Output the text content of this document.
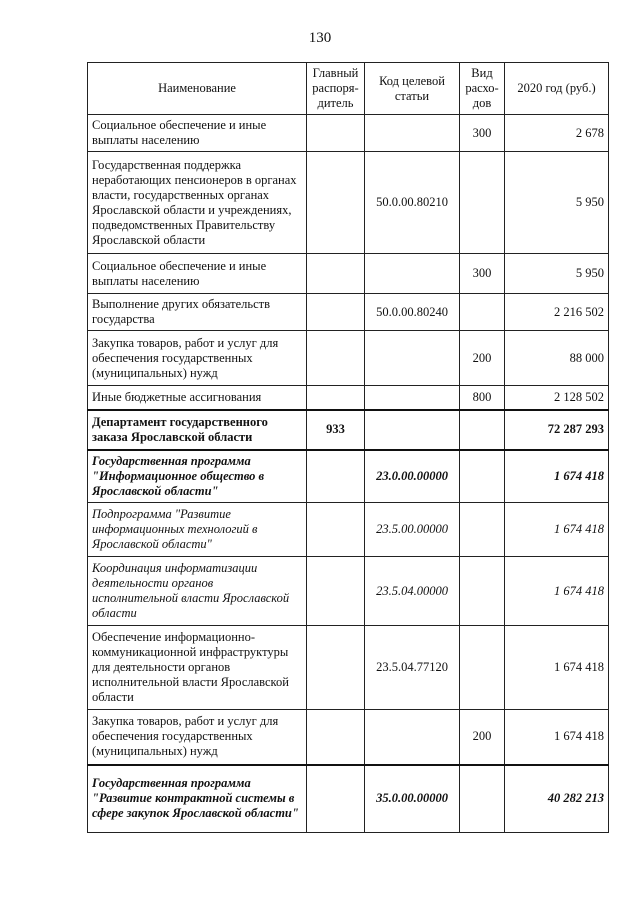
130
Наименование	Главный распоря-дитель	Код целевой статьи	Вид расхо-дов	2020 год (руб.)
Социальное обеспечение и иные выплаты населению			300	2 678
Государственная поддержка неработающих пенсионеров в органах власти, государственных органах Ярославской области и учреждениях, подведомственных Правительству Ярославской области		50.0.00.80210		5 950
Социальное обеспечение и иные выплаты населению			300	5 950
Выполнение других обязательств государства		50.0.00.80240		2 216 502
Закупка товаров, работ и услуг для обеспечения государственных (муниципальных) нужд			200	88 000
Иные бюджетные ассигнования			800	2 128 502
Департамент государственного заказа Ярославской области	933			72 287 293
Государственная программа "Информационное общество в Ярославской области"		23.0.00.00000		1 674 418
Подпрограмма "Развитие информационных технологий в Ярославской области"		23.5.00.00000		1 674 418
Координация информатизации деятельности органов исполнительной власти Ярославской области		23.5.04.00000		1 674 418
Обеспечение информационно-коммуникационной инфраструктуры для деятельности органов исполнительной власти Ярославской области		23.5.04.77120		1 674 418
Закупка товаров, работ и услуг для обеспечения государственных (муниципальных) нужд			200	1 674 418
Государственная программа "Развитие контрактной системы в сфере закупок Ярославской области"		35.0.00.00000		40 282 213
